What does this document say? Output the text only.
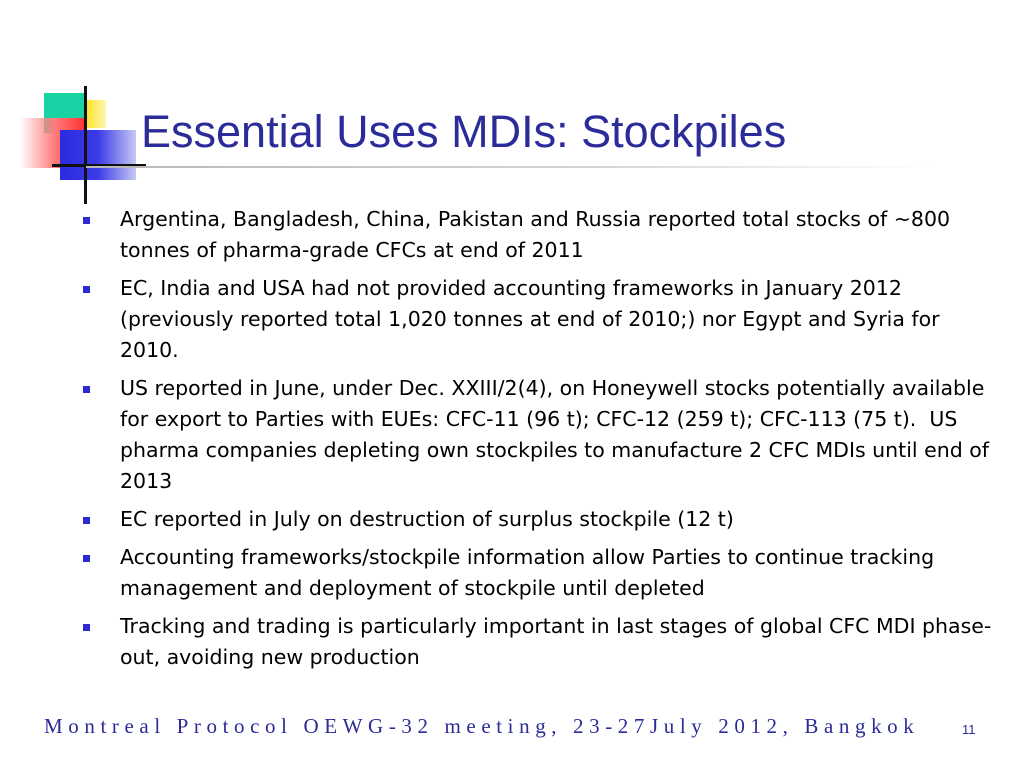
Essential Uses MDIs: Stockpiles
Argentina, Bangladesh, China, Pakistan and Russia reported total stocks of ~800 tonnes of pharma-grade CFCs at end of 2011
EC, India and USA had not provided accounting frameworks in January 2012 (previously reported total 1,020 tonnes at end of 2010;) nor Egypt and Syria for 2010.
US reported in June, under Dec. XXIII/2(4), on Honeywell stocks potentially available for export to Parties with EUEs: CFC-11 (96 t); CFC-12 (259 t); CFC-113 (75 t).  US pharma companies depleting own stockpiles to manufacture 2 CFC MDIs until end of 2013
EC reported in July on destruction of surplus stockpile (12 t)
Accounting frameworks/stockpile information allow Parties to continue tracking management and deployment of stockpile until depleted
Tracking and trading is particularly important in last stages of global CFC MDI phase-out, avoiding new production
Montreal Protocol OEWG-32 meeting, 23-27July 2012, Bangkok	11
